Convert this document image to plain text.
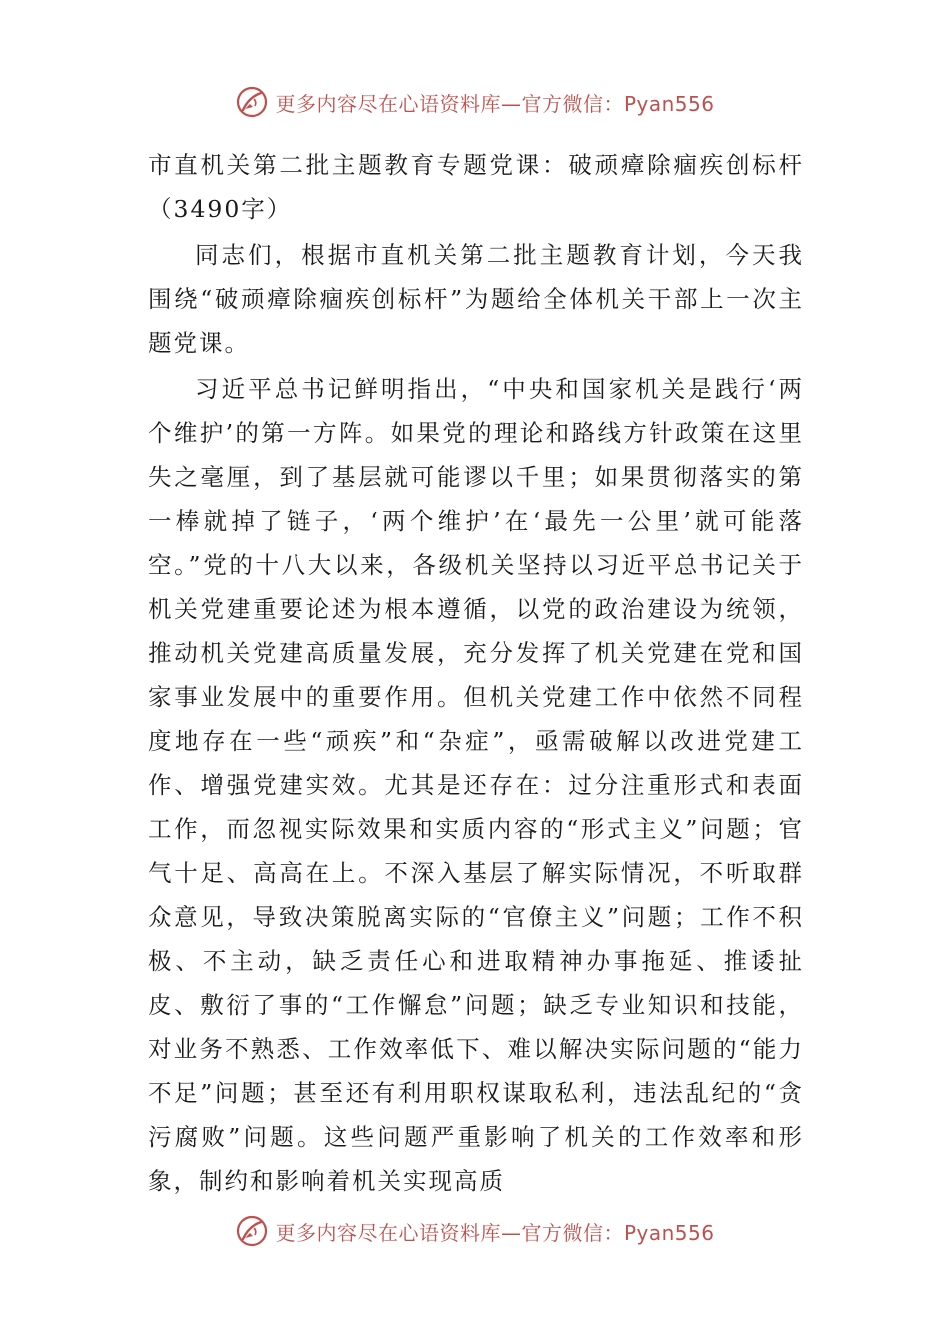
更多内容尽在心语资料库—官方微信：Pyan556

市直机关第二批主题教育专题党课：破顽瘴除痼疾创标杆（3490字）

同志们，根据市直机关第二批主题教育计划，今天我围绕“破顽瘴除痼疾创标杆”为题给全体机关干部上一次主题党课。

习近平总书记鲜明指出，“中央和国家机关是践行‘两个维护’的第一方阵。如果党的理论和路线方针政策在这里失之毫厘，到了基层就可能谬以千里；如果贯彻落实的第一棒就掉了链子，‘两个维护’在‘最先一公里’就可能落空。”党的十八大以来，各级机关坚持以习近平总书记关于机关党建重要论述为根本遵循，以党的政治建设为统领，推动机关党建高质量发展，充分发挥了机关党建在党和国家事业发展中的重要作用。但机关党建工作中依然不同程度地存在一些“顽疾”和“杂症”，亟需破解以改进党建工作、增强党建实效。尤其是还存在：过分注重形式和表面工作，而忽视实际效果和实质内容的“形式主义”问题；官气十足、高高在上。不深入基层了解实际情况，不听取群众意见，导致决策脱离实际的“官僚主义”问题；工作不积极、不主动，缺乏责任心和进取精神办事拖延、推诿扯皮、敷衍了事的“工作懈怠”问题；缺乏专业知识和技能，对业务不熟悉、工作效率低下、难以解决实际问题的“能力不足”问题；甚至还有利用职权谋取私利，违法乱纪的“贪污腐败”问题。这些问题严重影响了机关的工作效率和形象，制约和影响着机关实现高质

更多内容尽在心语资料库—官方微信：Pyan556
